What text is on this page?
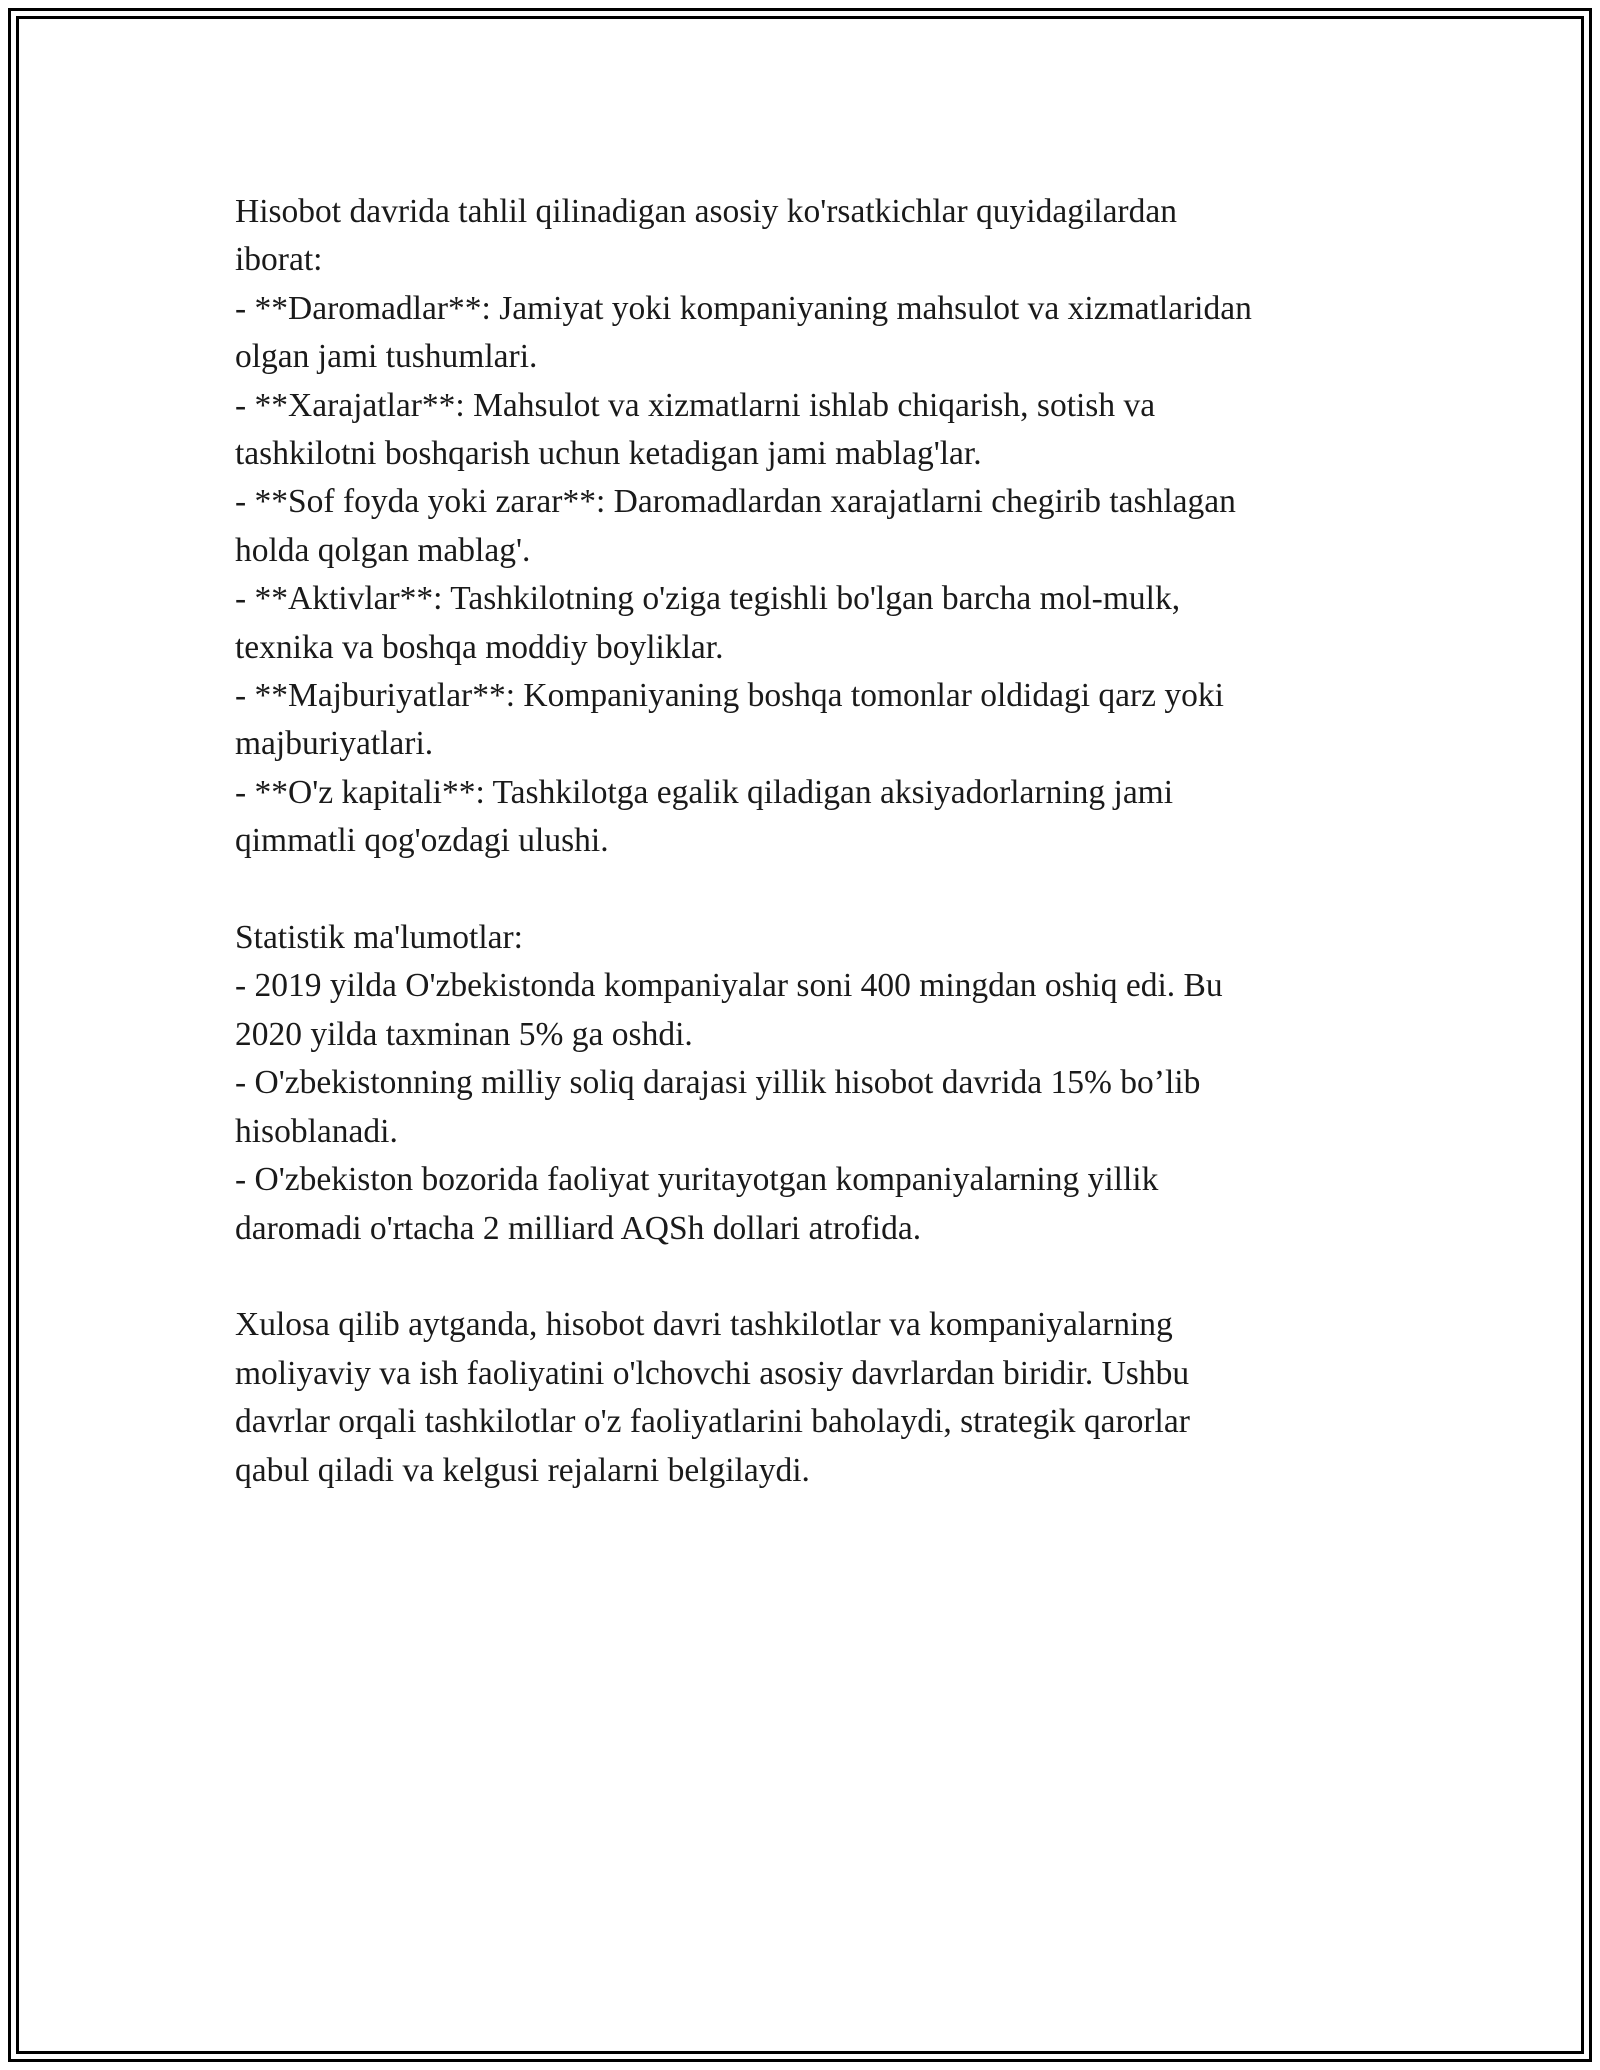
Hisobot davrida tahlil qilinadigan asosiy ko'rsatkichlar quyidagilardan
iborat:
- **Daromadlar**: Jamiyat yoki kompaniyaning mahsulot va xizmatlaridan
olgan jami tushumlari.
- **Xarajatlar**: Mahsulot va xizmatlarni ishlab chiqarish, sotish va
tashkilotni boshqarish uchun ketadigan jami mablag'lar.
- **Sof foyda yoki zarar**: Daromadlardan xarajatlarni chegirib tashlagan
holda qolgan mablag'.
- **Aktivlar**: Tashkilotning o'ziga tegishli bo'lgan barcha mol-mulk,
texnika va boshqa moddiy boyliklar.
- **Majburiyatlar**: Kompaniyaning boshqa tomonlar oldidagi qarz yoki
majburiyatlari.
- **O'z kapitali**: Tashkilotga egalik qiladigan aksiyadorlarning jami
qimmatli qog'ozdagi ulushi.
Statistik ma'lumotlar:
- 2019 yilda O'zbekistonda kompaniyalar soni 400 mingdan oshiq edi. Bu
2020 yilda taxminan 5% ga oshdi.
- O'zbekistonning milliy soliq darajasi yillik hisobot davrida 15% bo’lib
hisoblanadi.
- O'zbekiston bozorida faoliyat yuritayotgan kompaniyalarning yillik
daromadi o'rtacha 2 milliard AQSh dollari atrofida.
Xulosa qilib aytganda, hisobot davri tashkilotlar va kompaniyalarning
moliyaviy va ish faoliyatini o'lchovchi asosiy davrlardan biridir. Ushbu
davrlar orqali tashkilotlar o'z faoliyatlarini baholaydi, strategik qarorlar
qabul qiladi va kelgusi rejalarni belgilaydi.
